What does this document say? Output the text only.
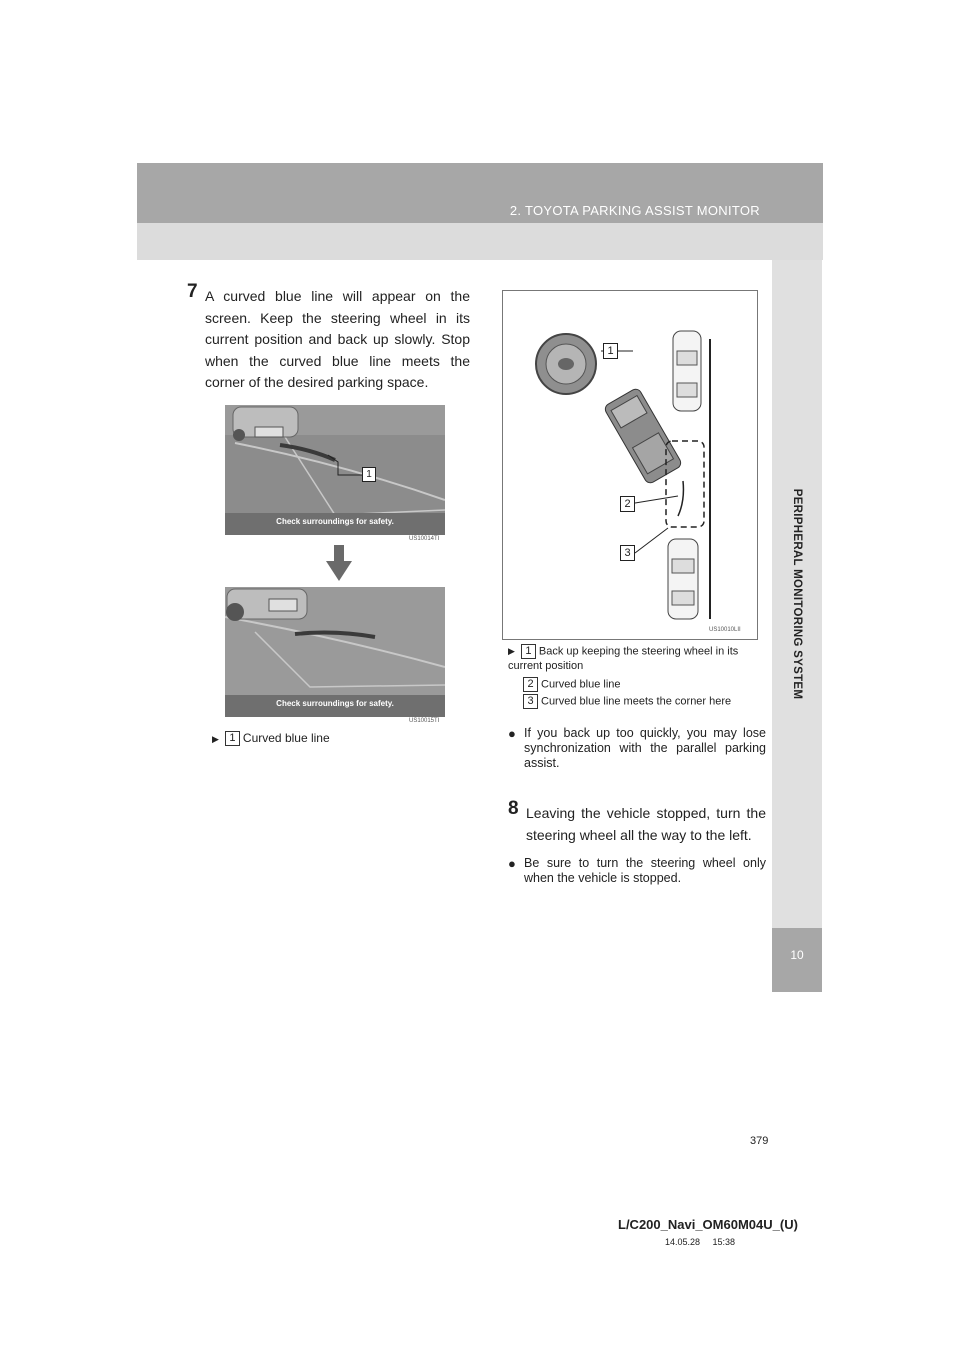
2. TOYOTA PARKING ASSIST MONITOR
10
PERIPHERAL MONITORING SYSTEM
7 A curved blue line will appear on the screen. Keep the steering wheel in its current position and back up slowly. Stop when the curved blue line meets the corner of the desired parking space.
1
Check surroundings for safety.
US10014TI
Check surroundings for safety.
US10015TI
▶ 1 Curved blue line
1
2
3
US10010LII
▶ 1 Back up keeping the steering wheel in its current position
2 Curved blue line
3 Curved blue line meets the corner here
● If you back up too quickly, you may lose synchronization with the parallel parking assist.
8 Leaving the vehicle stopped, turn the steering wheel all the way to the left.
● Be sure to turn the steering wheel only when the vehicle is stopped.
379
L/C200_Navi_OM60M04U_(U)
14.05.28     15:38
